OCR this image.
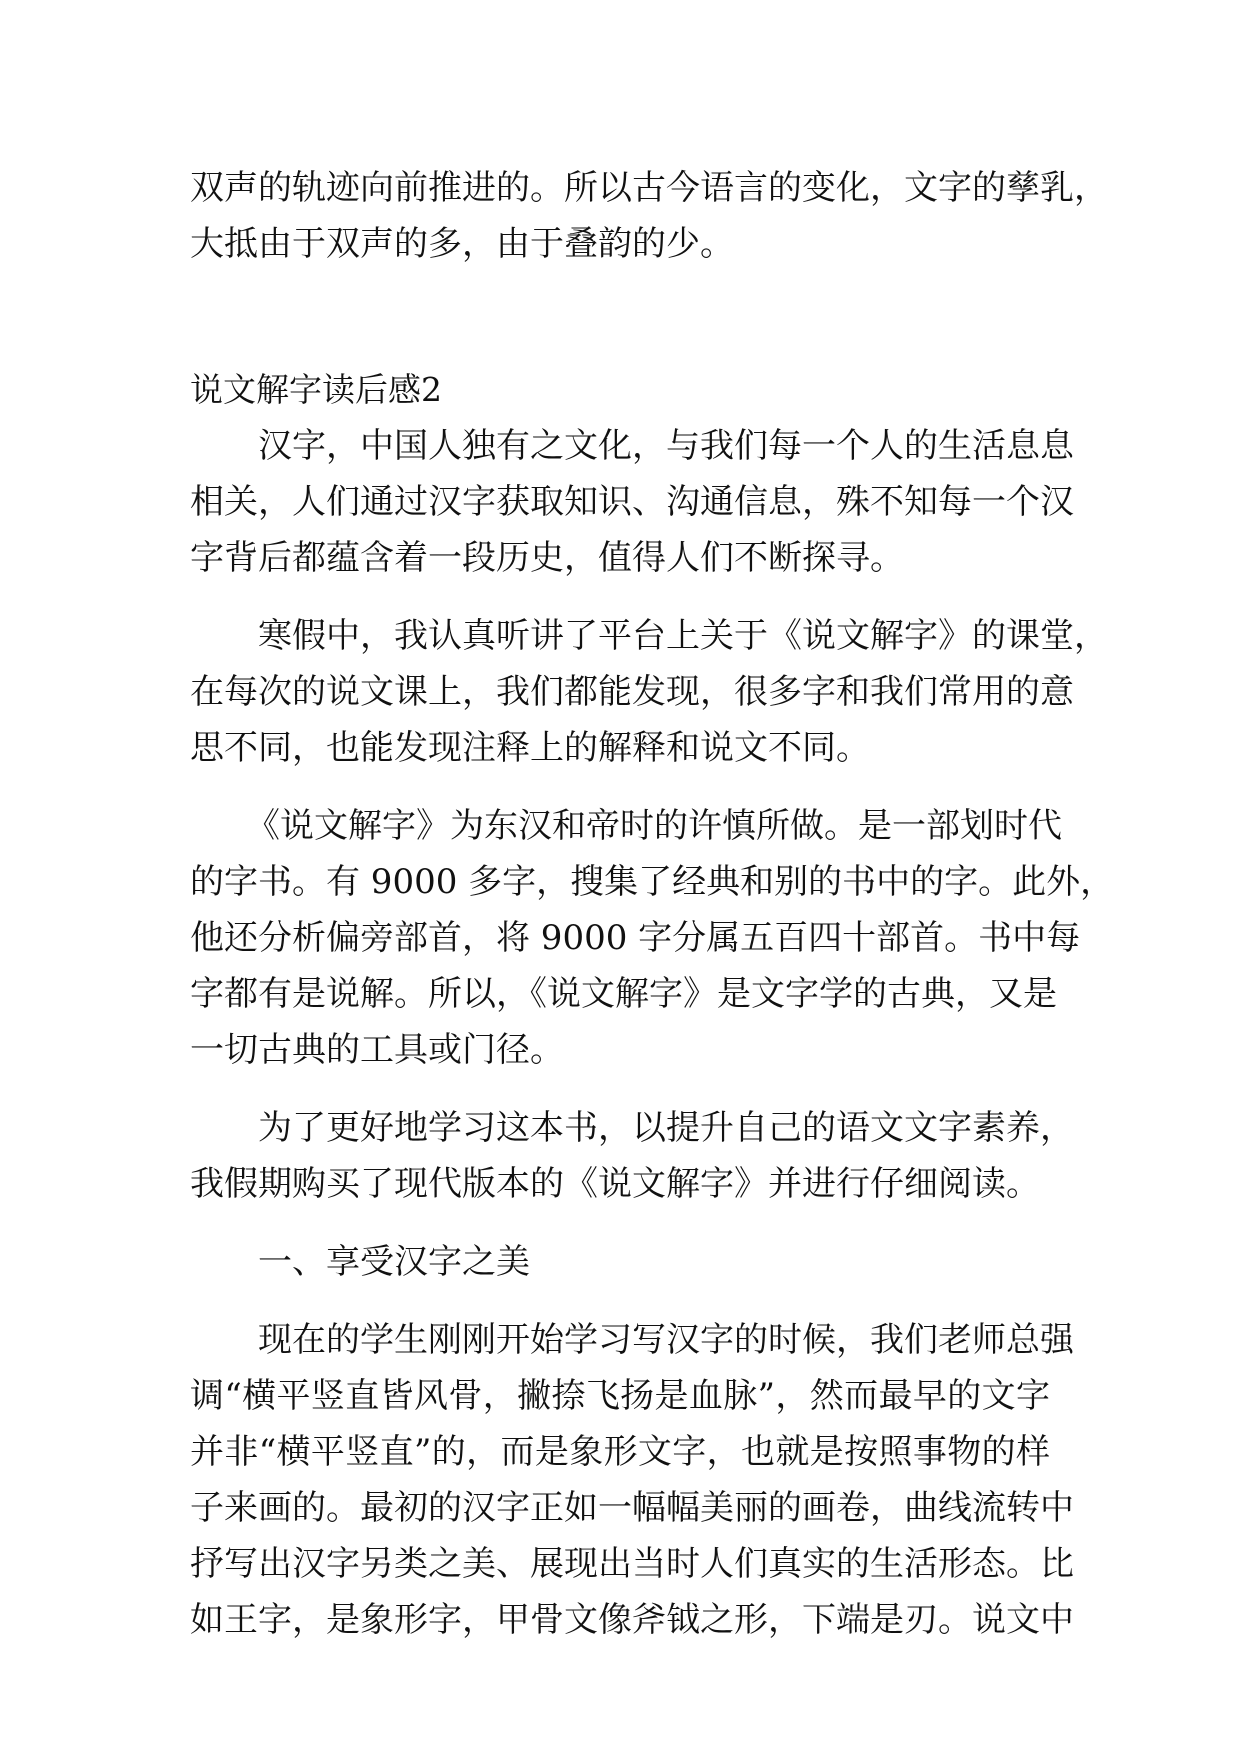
双声的轨迹向前推进的。所以古今语言的变化，文字的孳乳，
大抵由于双声的多，由于叠韵的少。
说文解字读后感2
汉字，中国人独有之文化，与我们每一个人的生活息息
相关，人们通过汉字获取知识、沟通信息，殊不知每一个汉
字背后都蕴含着一段历史，值得人们不断探寻。
寒假中，我认真听讲了平台上关于《说文解字》的课堂，
在每次的说文课上，我们都能发现，很多字和我们常用的意
思不同，也能发现注释上的解释和说文不同。
《说文解字》为东汉和帝时的许慎所做。是一部划时代
的字书。有 9000 多字，搜集了经典和别的书中的字。此外，
他还分析偏旁部首，将 9000 字分属五百四十部首。书中每
字都有是说解。所以，《说文解字》是文字学的古典，又是
一切古典的工具或门径。
为了更好地学习这本书，以提升自己的语文文字素养，
我假期购买了现代版本的《说文解字》并进行仔细阅读。
一、享受汉字之美
现在的学生刚刚开始学习写汉字的时候，我们老师总强
调“横平竖直皆风骨，撇捺飞扬是血脉”，然而最早的文字
并非“横平竖直”的，而是象形文字，也就是按照事物的样
子来画的。最初的汉字正如一幅幅美丽的画卷，曲线流转中
抒写出汉字另类之美、展现出当时人们真实的生活形态。比
如王字，是象形字，甲骨文像斧钺之形，下端是刃。说文中
